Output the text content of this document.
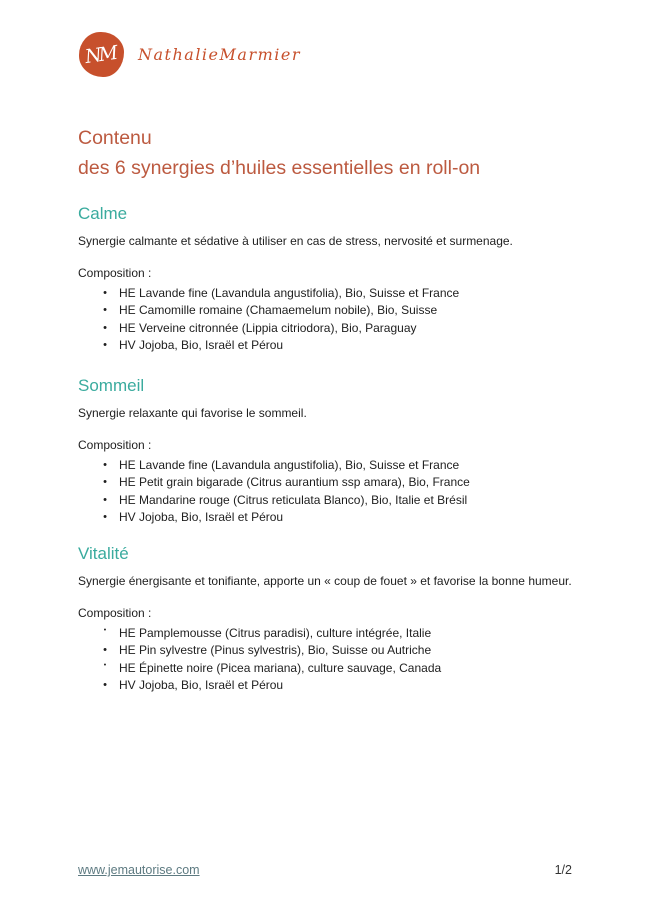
NM NathalieMarmier
Contenu
des 6 synergies d’huiles essentielles en roll-on
Calme

Synergie calmante et sédative à utiliser en cas de stress, nervosité et surmenage.

Composition :

•	HE Lavande fine (Lavandula angustifolia), Bio, Suisse et France
•	HE Camomille romaine (Chamaemelum nobile), Bio, Suisse
•	HE Verveine citronnée (Lippia citriodora), Bio, Paraguay
•	HV Jojoba, Bio, Israël et Pérou
Sommeil

Synergie relaxante qui favorise le sommeil.

Composition :

•	HE Lavande fine (Lavandula angustifolia), Bio, Suisse et France
•	HE Petit grain bigarade (Citrus aurantium ssp amara), Bio, France
•	HE Mandarine rouge (Citrus reticulata Blanco), Bio, Italie et Brésil
•	HV Jojoba, Bio, Israël et Pérou
Vitalité

Synergie énergisante et tonifiante, apporte un « coup de fouet » et favorise la bonne humeur.

Composition :

•	HE Pamplemousse (Citrus paradisi), culture intégrée, Italie
•	HE Pin sylvestre (Pinus sylvestris), Bio, Suisse ou Autriche
•	HE Épinette noire (Picea mariana), culture sauvage, Canada
•	HV Jojoba, Bio, Israël et Pérou
www.jemautorise.com	1/2
